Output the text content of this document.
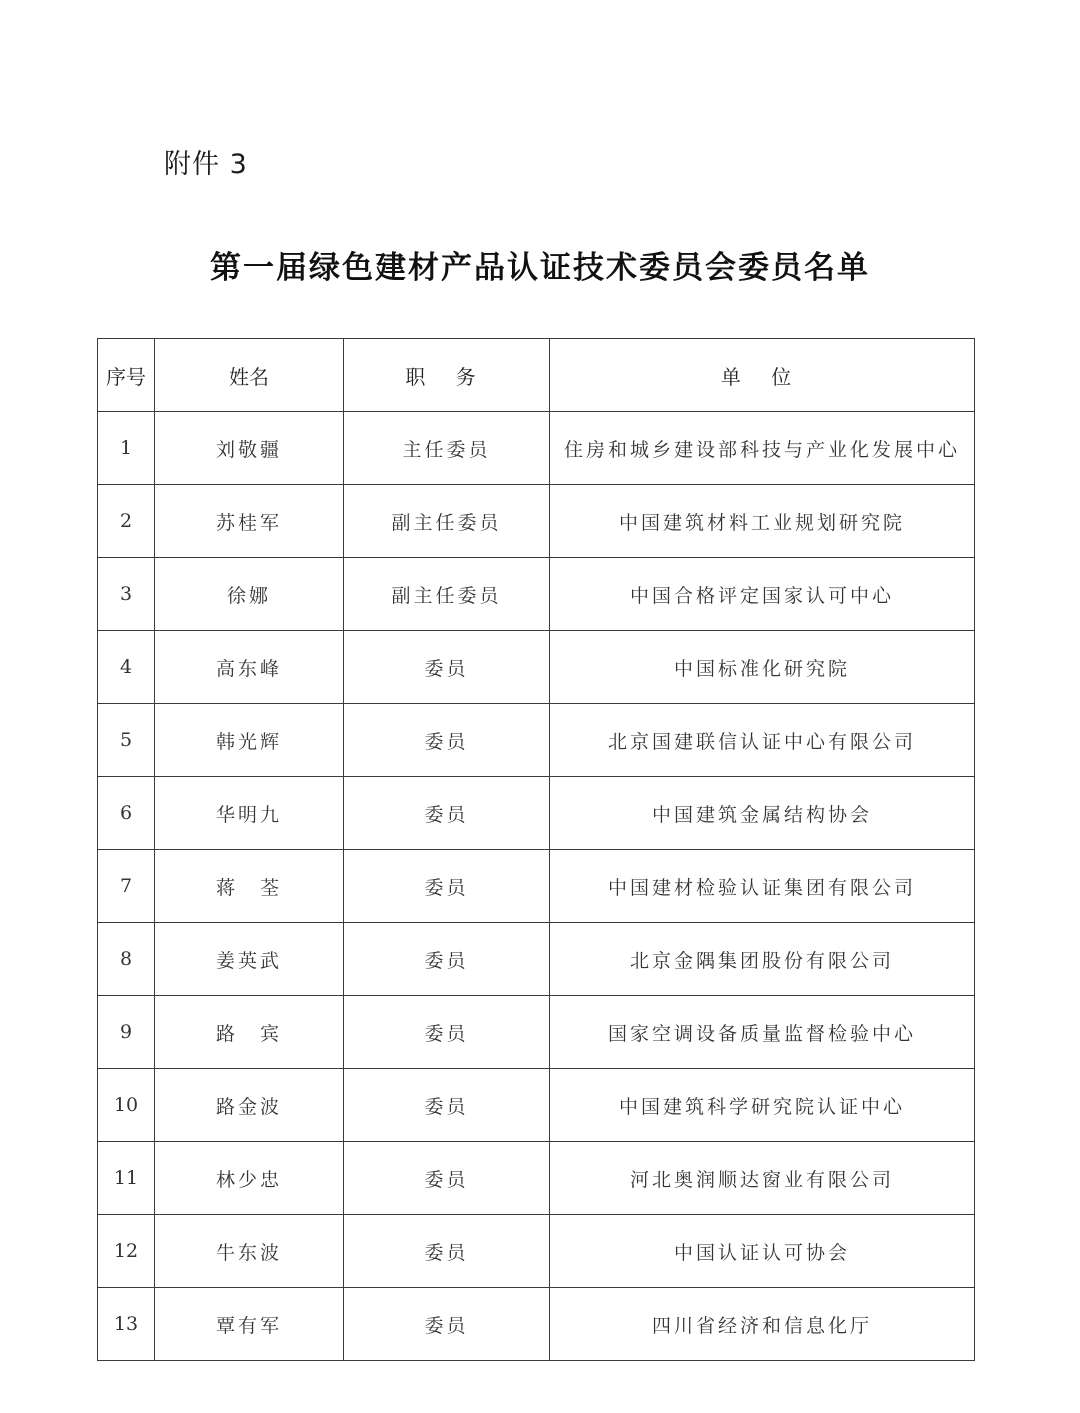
附件 3
第一届绿色建材产品认证技术委员会委员名单
序号	姓名	职 务	单 位
1	刘敬疆	主任委员	住房和城乡建设部科技与产业化发展中心
2	苏桂军	副主任委员	中国建筑材料工业规划研究院
3	徐娜	副主任委员	中国合格评定国家认可中心
4	高东峰	委员	中国标准化研究院
5	韩光辉	委员	北京国建联信认证中心有限公司
6	华明九	委员	中国建筑金属结构协会
7	蒋　荃	委员	中国建材检验认证集团有限公司
8	姜英武	委员	北京金隅集团股份有限公司
9	路　宾	委员	国家空调设备质量监督检验中心
10	路金波	委员	中国建筑科学研究院认证中心
11	林少忠	委员	河北奥润顺达窗业有限公司
12	牛东波	委员	中国认证认可协会
13	覃有军	委员	四川省经济和信息化厅
